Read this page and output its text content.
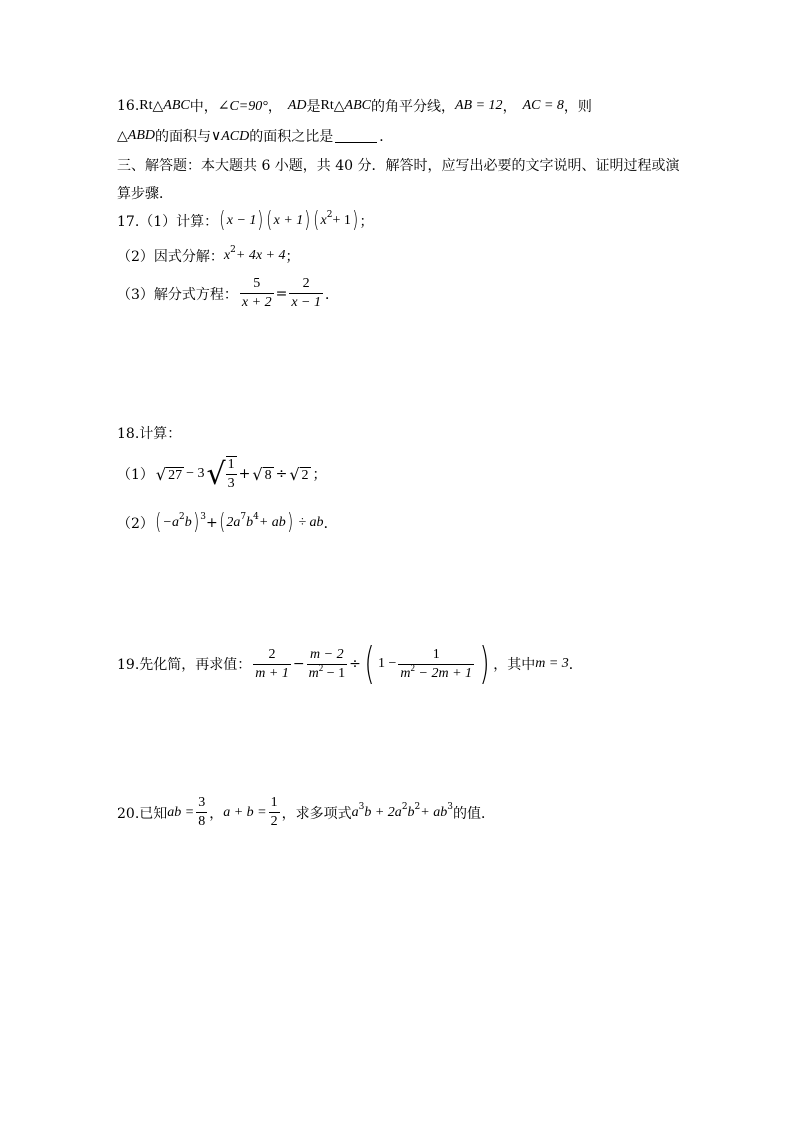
16. Rt △ ABC 中， ∠C=90° ， AD 是 Rt △ ABC 的角平分线， AB = 12 ， AC = 8 ，则
△ ABD 的面积与 ∨ACD 的面积之比是	．
三、解答题：本大题共 6 小题，共 40 分．解答时，应写出必要的文字说明、证明过程或演
算步骤．
17.（1）计算： ( x − 1 ) ( x + 1 ) ( x 2 + 1 ) ；
（2）因式分解： x 2 + 4x + 4 ；
（3）解分式方程： $\frac{5}{x + 2} = \frac{2}{x - 1}$ ．
18.计算：
（1） √ 27 − 3 √ $\frac{1}{3}$ + √ 8 ÷ √ 2 ；
（2） ( −a 2 b ) 3 + ( 2a 7 b 4 + ab ) ÷ ab ．
19.先化简，再求值： $\frac{2}{m + 1} - \frac{m - 2}{m^2 - 1}$ ÷ ( $1 - \frac{1}{m^2 - 2m + 1}$ ) ，其中 m = 3 ．
20.已知 ab = $\frac{3}{8}$ ， $a + b = \frac{1}{2}$ ，求多项式 a 3 b + 2a 2 b 2 + ab 3 的值．
